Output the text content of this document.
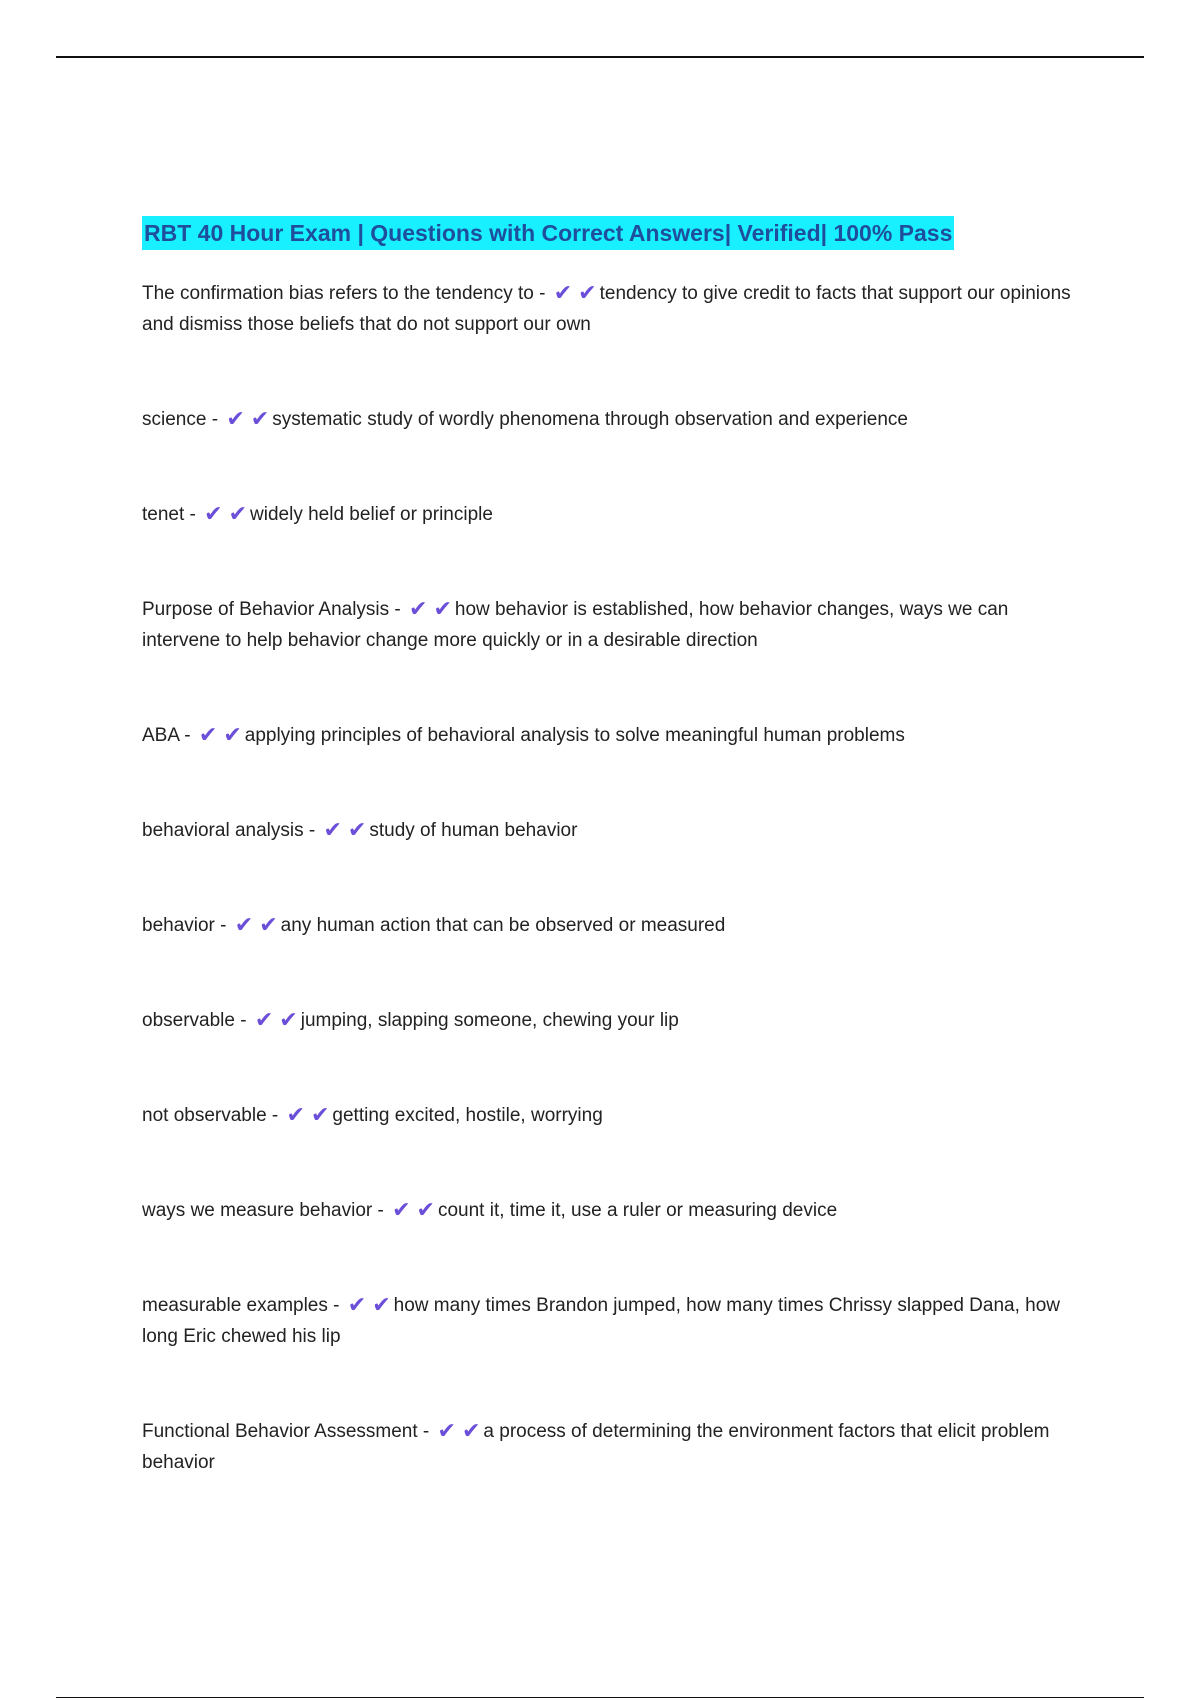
RBT 40 Hour Exam | Questions with Correct Answers| Verified| 100% Pass

The confirmation bias refers to the tendency to - ✔ ✔ tendency to give credit to facts that support our opinions and dismiss those beliefs that do not support our own

science - ✔ ✔ systematic study of wordly phenomena through observation and experience

tenet - ✔ ✔ widely held belief or principle

Purpose of Behavior Analysis - ✔ ✔ how behavior is established, how behavior changes, ways we can intervene to help behavior change more quickly or in a desirable direction

ABA - ✔ ✔ applying principles of behavioral analysis to solve meaningful human problems

behavioral analysis - ✔ ✔ study of human behavior

behavior - ✔ ✔ any human action that can be observed or measured

observable - ✔ ✔ jumping, slapping someone, chewing your lip

not observable - ✔ ✔ getting excited, hostile, worrying

ways we measure behavior - ✔ ✔ count it, time it, use a ruler or measuring device

measurable examples - ✔ ✔ how many times Brandon jumped, how many times Chrissy slapped Dana, how long Eric chewed his lip

Functional Behavior Assessment - ✔ ✔ a process of determining the environment factors that elicit problem behavior
